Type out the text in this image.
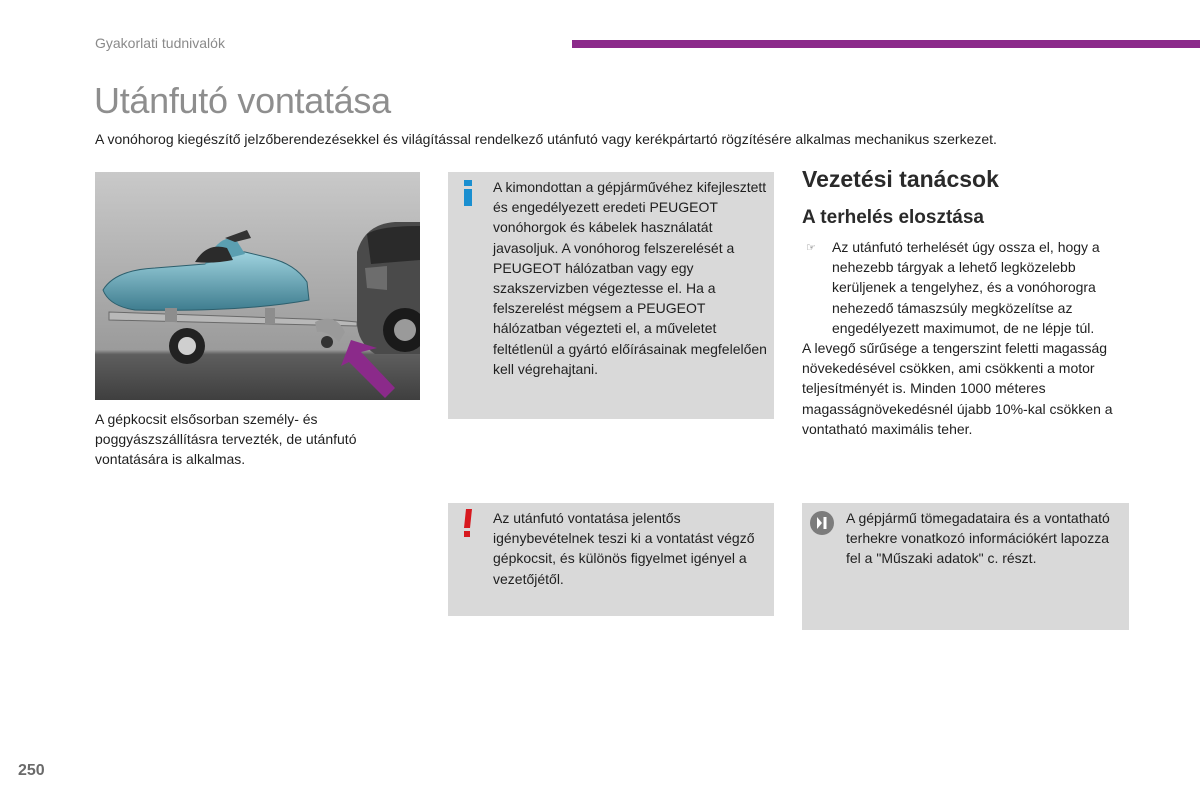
Gyakorlati tudnivalók
Utánfutó vontatása

A vonóhorog kiegészítő jelzőberendezésekkel és világítással rendelkező utánfutó vagy kerékpártartó rögzítésére alkalmas mechanikus szerkezet.

A gépkocsit elsősorban személy- és poggyászszállításra tervezték, de utánfutó vontatására is alkalmas.

A kimondottan a gépjárművéhez kifejlesztett és engedélyezett eredeti PEUGEOT vonóhorgok és kábelek használatát javasoljuk. A vonóhorog felszerelését a PEUGEOT hálózatban vagy egy szakszervizben végeztesse el. Ha a felszerelést mégsem a PEUGEOT hálózatban végezteti el, a műveletet feltétlenül a gyártó előírásainak megfelelően kell végrehajtani.
Az utánfutó vontatása jelentős igénybevételnek teszi ki a vontatást végző gépkocsit, és különös figyelmet igényel a vezetőjétől.
A gépjármű tömegadataira és a vontatható terhekre vonatkozó információkért lapozza fel a "Műszaki adatok" c. részt.
Vezetési tanácsok
A terhelés elosztása
☞ Az utánfutó terhelését úgy ossza el, hogy a nehezebb tárgyak a lehető legközelebb kerüljenek a tengelyhez, és a vonóhorogra nehezedő támaszsúly megközelítse az engedélyezett maximumot, de ne lépje túl.

A levegő sűrűsége a tengerszint feletti magasság növekedésével csökken, ami csökkenti a motor teljesítményét is. Minden 1000 méteres magasságnövekedésnél újabb 10%-kal csökken a vontatható maximális teher.

250
